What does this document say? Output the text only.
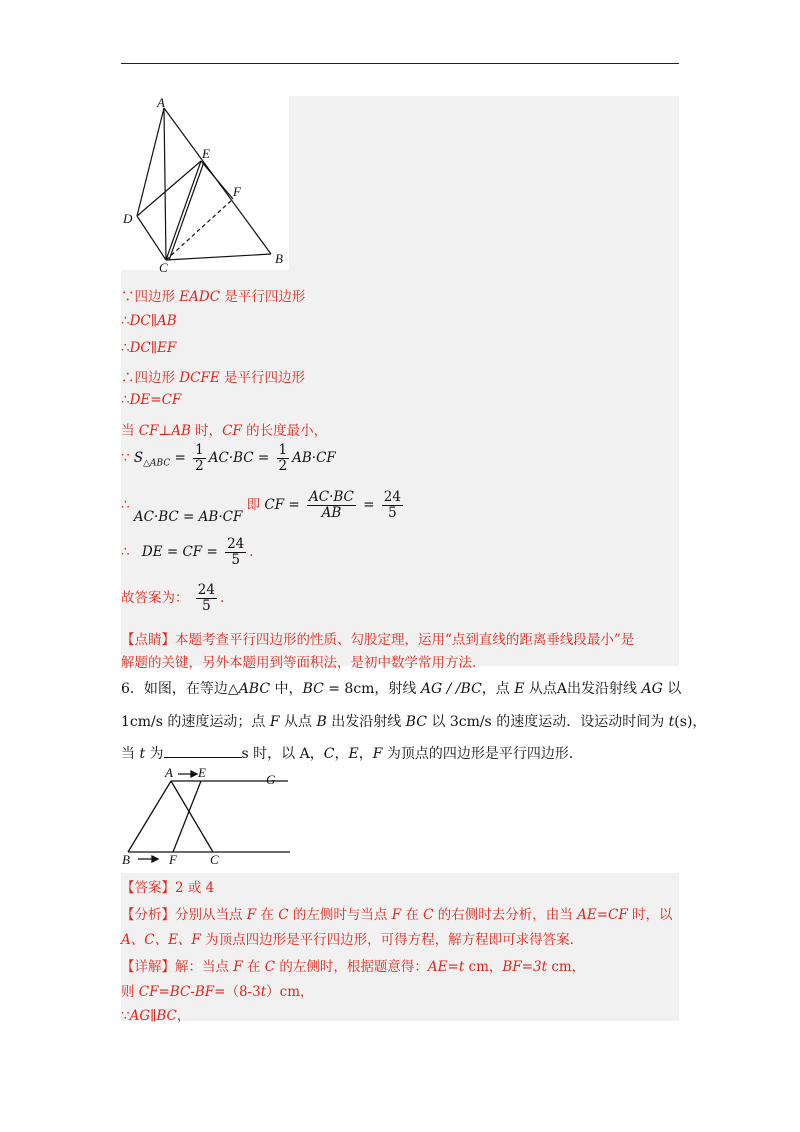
A
E
F
D
C
B
∵四边形 EADC 是平行四边形
∴DC∥AB
∴DC∥EF
∴四边形 DCFE 是平行四边形
∴DE=CF
当 CF⊥AB 时，CF 的长度最小，
∵ $S_{\triangle ABC} = \frac{1}{2} AC\cdot BC = \frac{1}{2} AB\cdot CF$
∴ AC·BC = AB·CF 即 CF = $\frac{AC\cdot BC}{AB} = \frac{24}{5}$
∴ DE = CF = $\frac{24}{5}$ .
故答案为： $\frac{24}{5}$ .
【点睛】本题考查平行四边形的性质、勾股定理，运用“点到直线的距离垂线段最小”是
解题的关键，另外本题用到等面积法，是初中数学常用方法.
6．如图，在等边△ABC 中，BC = 8cm，射线 AG / /BC，点 E 从点A出发沿射线 AG 以
1cm/s 的速度运动；点 F 从点 B 出发沿射线 BC 以 3cm/s 的速度运动．设运动时间为 t(s)，
当 t 为	s 时，以 A，C，E，F 为顶点的四边形是平行四边形．
A E	G
B	F	C
【答案】2 或 4
【分析】分别从当点 F 在 C 的左侧时与当点 F 在 C 的右侧时去分析，由当 AE=CF 时，以
A、C、E、F 为顶点四边形是平行四边形，可得方程，解方程即可求得答案.
【详解】解：当点 F 在 C 的左侧时，根据题意得：AE=t cm，BF=3t cm，
则 CF=BC-BF=（8-3t）cm，
∵AG∥BC，
